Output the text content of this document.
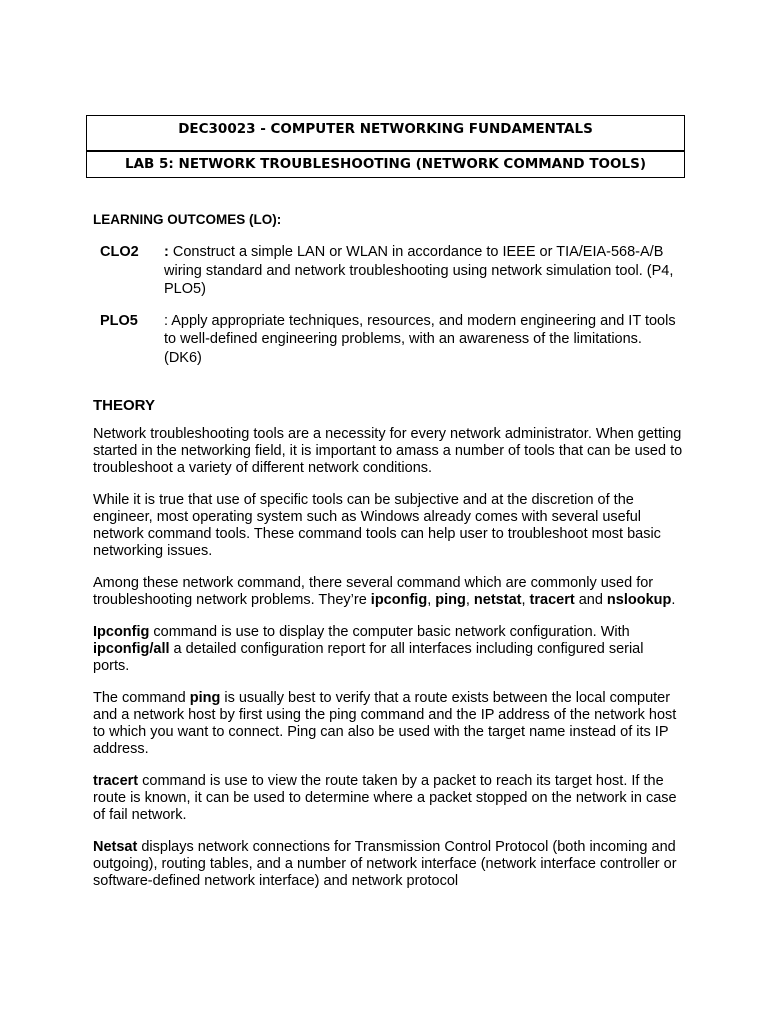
DEC30023 - COMPUTER NETWORKING FUNDAMENTALS
LAB 5: NETWORK TROUBLESHOOTING (NETWORK COMMAND TOOLS)
LEARNING OUTCOMES (LO):
CLO2	: Construct a simple LAN or WLAN in accordance to IEEE or TIA/EIA-568-A/B wiring standard and network troubleshooting using network simulation tool. (P4, PLO5)
PLO5	: Apply appropriate techniques, resources, and modern engineering and IT tools to well-defined engineering problems, with an awareness of the limitations. (DK6)
THEORY

Network troubleshooting tools are a necessity for every network administrator. When getting started in the networking field, it is important to amass a number of tools that can be used to troubleshoot a variety of different network conditions.

While it is true that use of specific tools can be subjective and at the discretion of the engineer, most operating system such as Windows already comes with several useful network command tools. These command tools can help user to troubleshoot most basic networking issues.

Among these network command, there several command which are commonly used for troubleshooting network problems. They’re ipconfig, ping, netstat, tracert and nslookup.

Ipconfig command is use to display the computer basic network configuration. With ipconfig/all a detailed configuration report for all interfaces including configured serial ports.

The command ping is usually best to verify that a route exists between the local computer and a network host by first using the ping command and the IP address of the network host to which you want to connect. Ping can also be used with the target name instead of its IP address.

tracert command is use to view the route taken by a packet to reach its target host. If the route is known, it can be used to determine where a packet stopped on the network in case of fail network.

Netsat displays network connections for Transmission Control Protocol (both incoming and outgoing), routing tables, and a number of network interface (network interface controller or software-defined network interface) and network protocol
